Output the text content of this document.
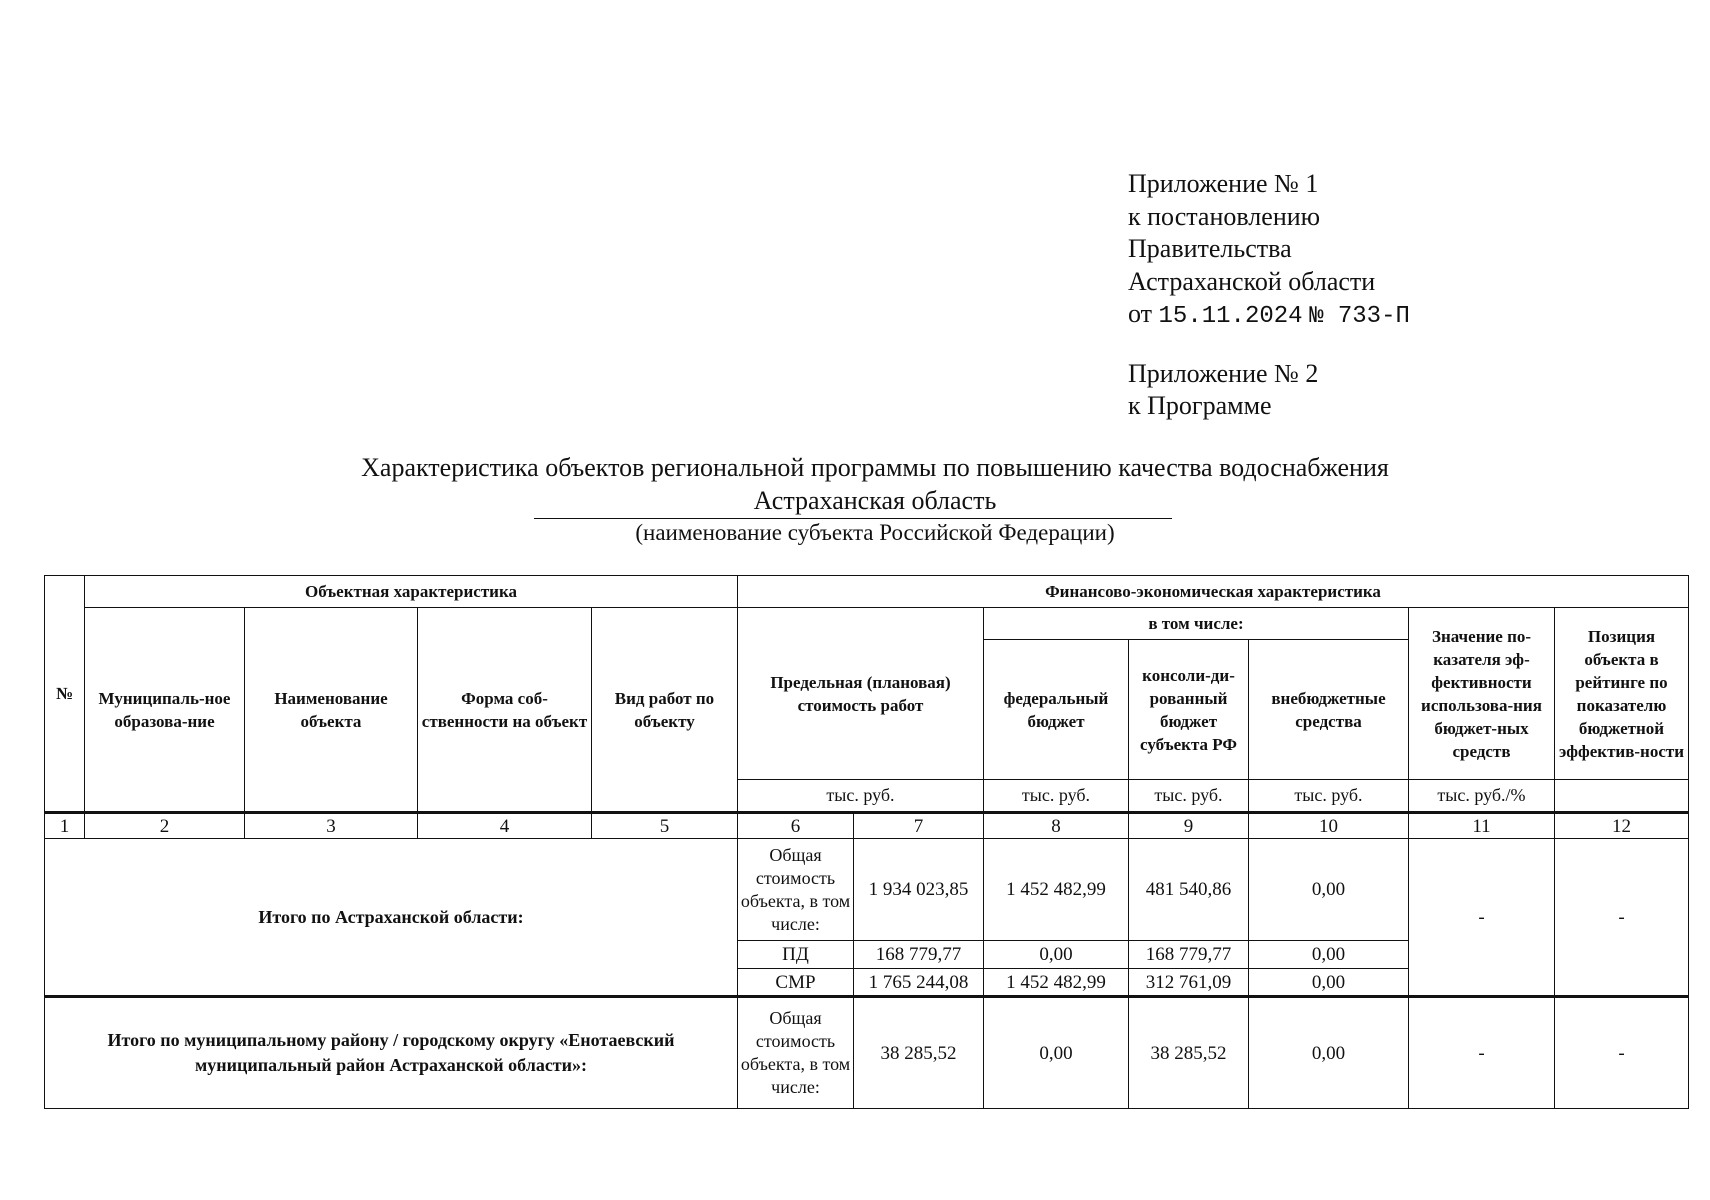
Приложение № 1
к постановлению
Правительства
Астраханской области
от 15.11.2024 № 733-П
Приложение № 2
к Программе
Характеристика объектов региональной программы по повышению качества водоснабжения
Астраханская область
(наименование субъекта Российской Федерации)
№	Объектная характеристика				Финансово-экономическая характеристика						
	Муниципаль-ное образова-ние	Наименование объекта	Форма соб-ственности на объект	Вид работ по объекту	Предельная (плановая) стоимость работ		в том числе:			Значение по-казателя эф-фективности использова-ния бюджет-ных средств	Позиция объекта в рейтинге по показателю бюджетной эффектив-ности
							федеральный бюджет	консоли-ди-рованный бюджет субъекта РФ	внебюджетные средства		
					тыс. руб.		тыс. руб.	тыс. руб.	тыс. руб.	тыс. руб./%	
1	2	3	4	5	6	7	8	9	10	11	12
Итого по Астраханской области:					Общая стоимость объекта, в том числе:	1 934 023,85	1 452 482,99	481 540,86	0,00	-	-
					ПД	168 779,77	0,00	168 779,77	0,00		
					СМР	1 765 244,08	1 452 482,99	312 761,09	0,00		
Итого по муниципальному району / городскому округу «Енотаевский муниципальный район Астраханской области»:					Общая стоимость объекта, в том числе:	38 285,52	0,00	38 285,52	0,00	-	-
